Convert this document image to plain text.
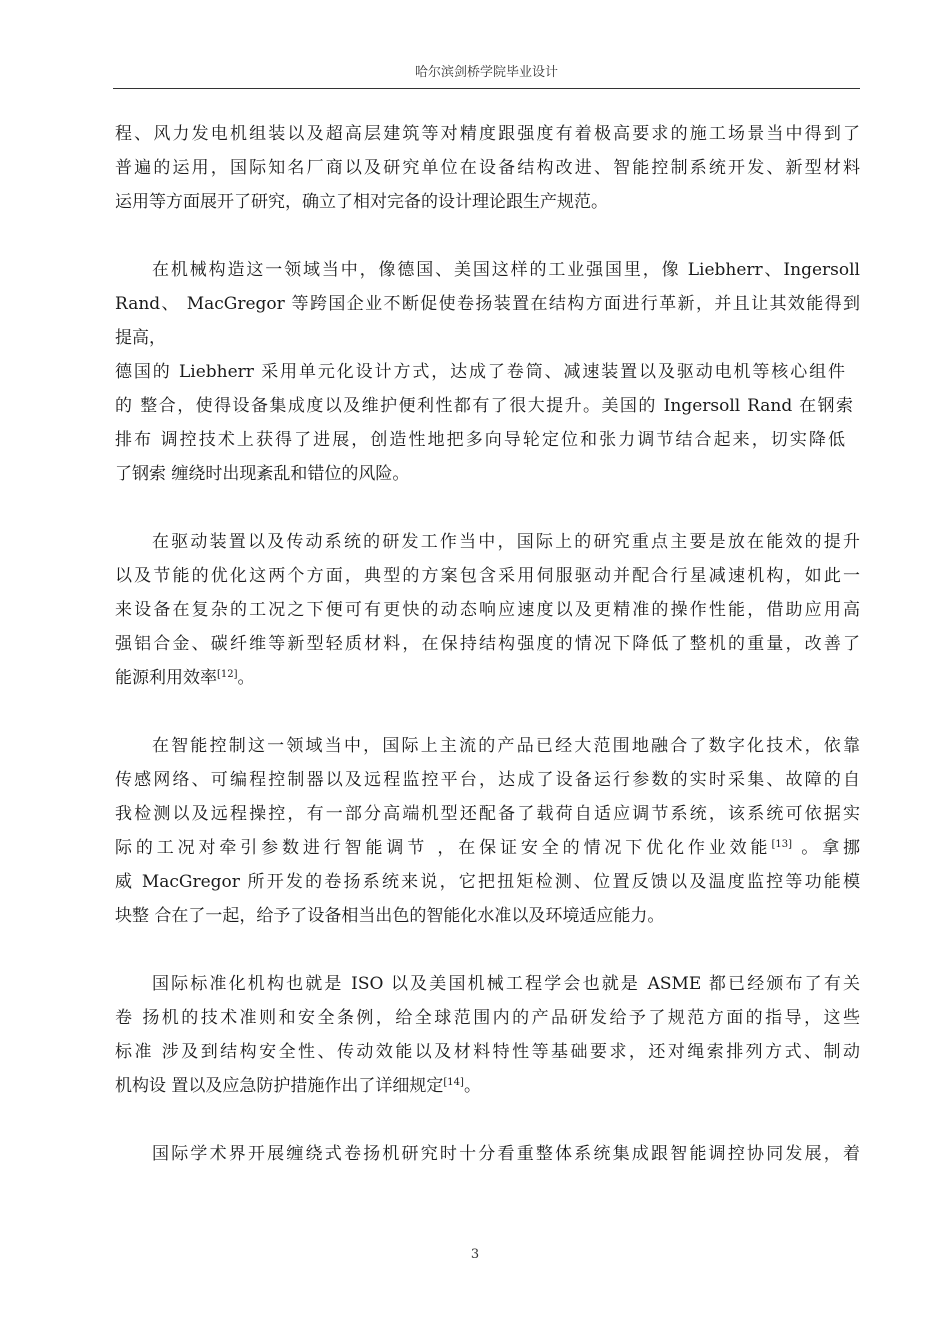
哈尔滨剑桥学院毕业设计

程、风力发电机组装以及超高层建筑等对精度跟强度有着极高要求的施工场景当中得到了
普遍的运用，国际知名厂商以及研究单位在设备结构改进、智能控制系统开发、新型材料
运用等方面展开了研究，确立了相对完备的设计理论跟生产规范。

在机械构造这一领域当中，像德国、美国这样的工业强国里，像 Liebherr、Ingersoll
Rand、 MacGregor 等跨国企业不断促使卷扬装置在结构方面进行革新，并且让其效能得到
提高，
德国的 Liebherr 采用单元化设计方式，达成了卷筒、减速装置以及驱动电机等核心组件
的 整合，使得设备集成度以及维护便利性都有了很大提升。美国的 Ingersoll Rand 在钢索
排布 调控技术上获得了进展，创造性地把多向导轮定位和张力调节结合起来，切实降低
了钢索 缠绕时出现紊乱和错位的风险。

在驱动装置以及传动系统的研发工作当中，国际上的研究重点主要是放在能效的提升
以及节能的优化这两个方面，典型的方案包含采用伺服驱动并配合行星减速机构，如此一
来设备在复杂的工况之下便可有更快的动态响应速度以及更精准的操作性能，借助应用高
强铝合金、碳纤维等新型轻质材料，在保持结构强度的情况下降低了整机的重量，改善了
能源利用效率[12]。

在智能控制这一领域当中，国际上主流的产品已经大范围地融合了数字化技术，依靠
传感网络、可编程控制器以及远程监控平台，达成了设备运行参数的实时采集、故障的自
我检测以及远程操控，有一部分高端机型还配备了载荷自适应调节系统，该系统可依据实
际的工况对牵引参数进行智能调节 ，在保证安全的情况下优化作业效能[13] 。拿挪
威 MacGregor 所开发的卷扬系统来说，它把扭矩检测、位置反馈以及温度监控等功能模
块整 合在了一起，给予了设备相当出色的智能化水准以及环境适应能力。

国际标准化机构也就是 ISO 以及美国机械工程学会也就是 ASME 都已经颁布了有关
卷 扬机的技术准则和安全条例，给全球范围内的产品研发给予了规范方面的指导，这些
标准 涉及到结构安全性、传动效能以及材料特性等基础要求，还对绳索排列方式、制动
机构设 置以及应急防护措施作出了详细规定[14]。

国际学术界开展缠绕式卷扬机研究时十分看重整体系统集成跟智能调控协同发展，着

3
